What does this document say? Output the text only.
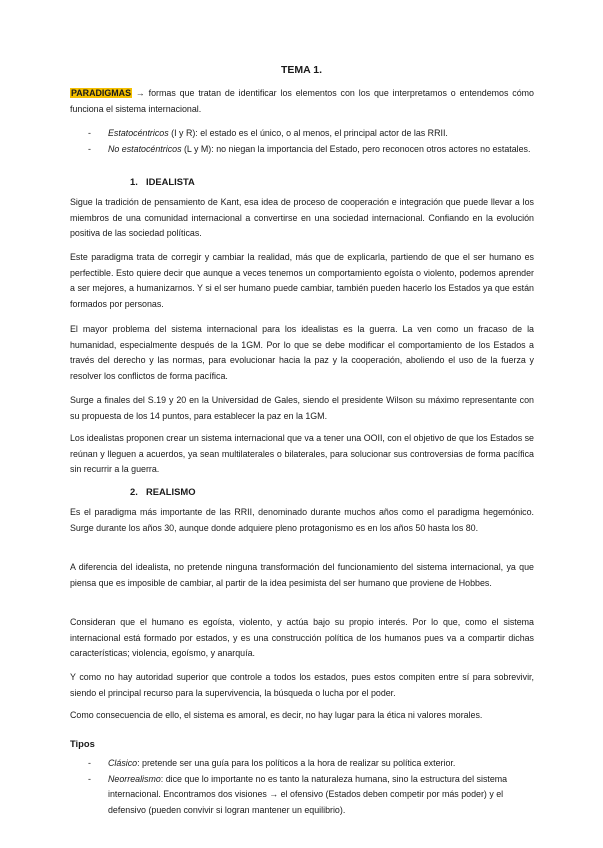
TEMA 1.

PARADIGMAS → formas que tratan de identificar los elementos con los que interpretamos o entendemos cómo funciona el sistema internacional.

- Estatocéntricos (I y R): el estado es el único, o al menos, el principal actor de las RRII.
- No estatocéntricos (L y M): no niegan la importancia del Estado, pero reconocen otros actores no estatales.
1. IDEALISTA

Sigue la tradición de pensamiento de Kant, esa idea de proceso de cooperación e integración que puede llevar a los miembros de una comunidad internacional a convertirse en una sociedad internacional. Confiando en la evolución positiva de las sociedad políticas.

Este paradigma trata de corregir y cambiar la realidad, más que de explicarla, partiendo de que el ser humano es perfectible. Esto quiere decir que aunque a veces tenemos un comportamiento egoísta o violento, podemos aprender a ser mejores, a humanizarnos. Y si el ser humano puede cambiar, también pueden hacerlo los Estados ya que están formados por personas.

El mayor problema del sistema internacional para los idealistas es la guerra. La ven como un fracaso de la humanidad, especialmente después de la 1GM. Por lo que se debe modificar el comportamiento de los Estados a través del derecho y las normas, para evolucionar hacia la paz y la cooperación, aboliendo el uso de la fuerza y resolver los conflictos de forma pacífica.

Surge a finales del S.19 y 20 en la Universidad de Gales, siendo el presidente Wilson su máximo representante con su propuesta de los 14 puntos, para establecer la paz en la 1GM.

Los idealistas proponen crear un sistema internacional que va a tener una OOII, con el objetivo de que los Estados se reúnan y lleguen a acuerdos, ya sean multilaterales o bilaterales, para solucionar sus controversias de forma pacífica sin recurrir a la guerra.

2. REALISMO

Es el paradigma más importante de las RRII, denominado durante muchos años como el paradigma hegemónico. Surge durante los años 30, aunque donde adquiere pleno protagonismo es en los años 50 hasta los 80.

A diferencia del idealista, no pretende ninguna transformación del funcionamiento del sistema internacional, ya que piensa que es imposible de cambiar, al partir de la idea pesimista del ser humano que proviene de Hobbes.

Consideran que el humano es egoísta, violento, y actúa bajo su propio interés. Por lo que, como el sistema internacional está formado por estados, y es una construcción política de los humanos pues va a compartir dichas características; violencia, egoísmo, y anarquía.

Y como no hay autoridad superior que controle a todos los estados, pues estos compiten entre sí para sobrevivir, siendo el principal recurso para la supervivencia, la búsqueda o lucha por el poder.

Como consecuencia de ello, el sistema es amoral, es decir, no hay lugar para la ética ni valores morales.

Tipos
- Clásico: pretende ser una guía para los políticos a la hora de realizar su política exterior.
- Neorrealismo: dice que lo importante no es tanto la naturaleza humana, sino la estructura del sistema internacional. Encontramos dos visiones → el ofensivo (Estados deben competir por más poder) y el defensivo (pueden convivir si logran mantener un equilibrio).
